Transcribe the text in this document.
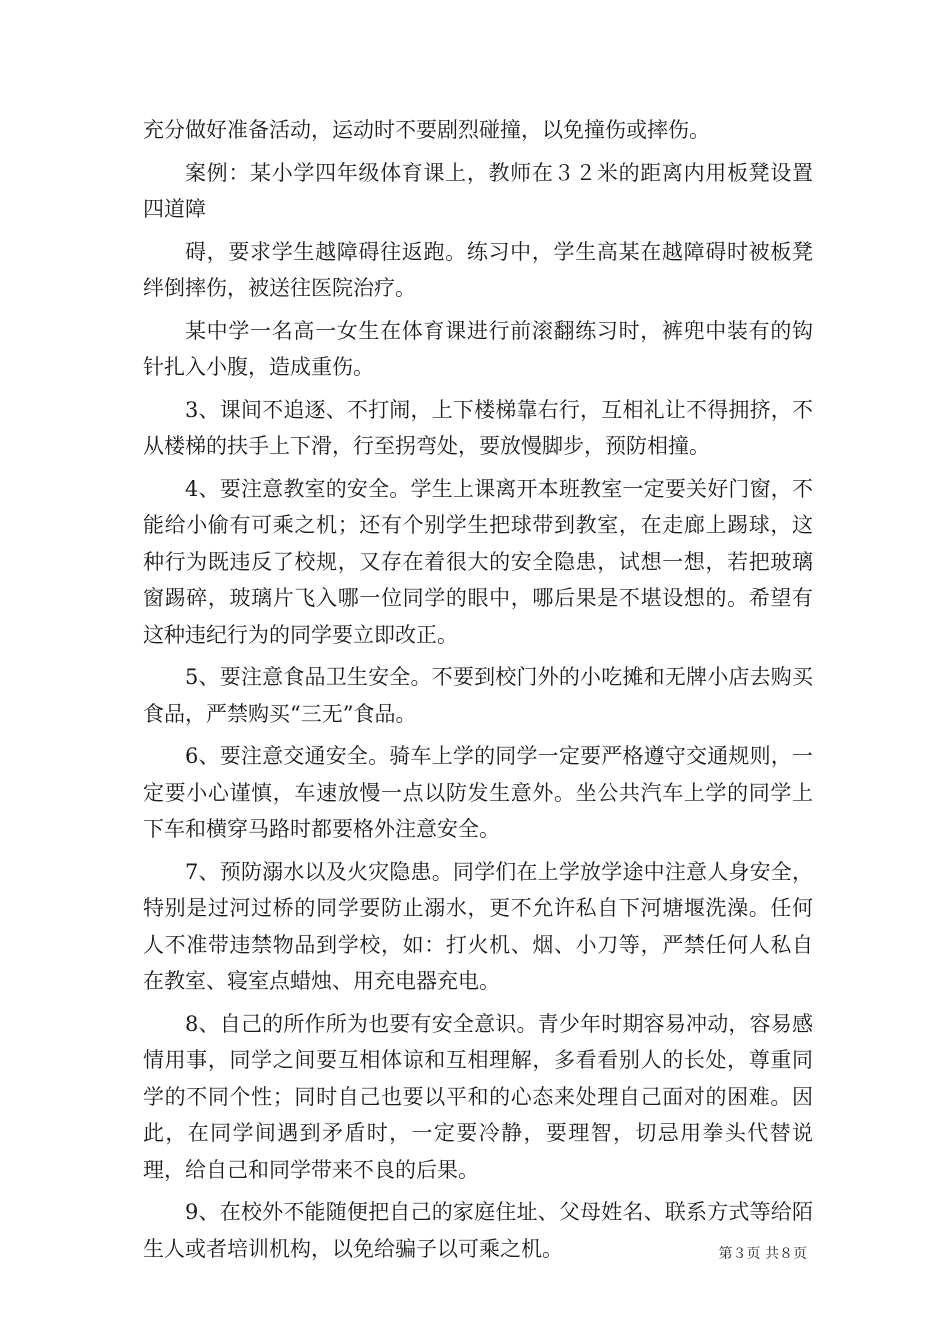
充分做好准备活动，运动时不要剧烈碰撞，以免撞伤或摔伤。

案例：某小学四年级体育课上，教师在３２米的距离内用板凳设置四道障

碍，要求学生越障碍往返跑。练习中，学生高某在越障碍时被板凳绊倒摔伤，被送往医院治疗。

某中学一名高一女生在体育课进行前滚翻练习时，裤兜中装有的钩针扎入小腹，造成重伤。

3、课间不追逐、不打闹，上下楼梯靠右行，互相礼让不得拥挤，不从楼梯的扶手上下滑，行至拐弯处，要放慢脚步，预防相撞。

4、要注意教室的安全。学生上课离开本班教室一定要关好门窗，不能给小偷有可乘之机；还有个别学生把球带到教室，在走廊上踢球，这种行为既违反了校规，又存在着很大的安全隐患，试想一想，若把玻璃窗踢碎，玻璃片飞入哪一位同学的眼中，哪后果是不堪设想的。希望有这种违纪行为的同学要立即改正。

5、要注意食品卫生安全。不要到校门外的小吃摊和无牌小店去购买食品，严禁购买“三无”食品。

6、要注意交通安全。骑车上学的同学一定要严格遵守交通规则，一定要小心谨慎，车速放慢一点以防发生意外。坐公共汽车上学的同学上下车和横穿马路时都要格外注意安全。

7、预防溺水以及火灾隐患。同学们在上学放学途中注意人身安全，特别是过河过桥的同学要防止溺水，更不允许私自下河塘堰洗澡。任何人不准带违禁物品到学校，如：打火机、烟、小刀等，严禁任何人私自在教室、寝室点蜡烛、用充电器充电。

8、自己的所作所为也要有安全意识。青少年时期容易冲动，容易感情用事，同学之间要互相体谅和互相理解，多看看别人的长处，尊重同学的不同个性；同时自己也要以平和的心态来处理自己面对的困难。因此，在同学间遇到矛盾时，一定要冷静，要理智，切忌用拳头代替说理，给自己和同学带来不良的后果。

9、在校外不能随便把自己的家庭住址、父母姓名、联系方式等给陌生人或者培训机构，以免给骗子以可乘之机。	第３页 共８页
